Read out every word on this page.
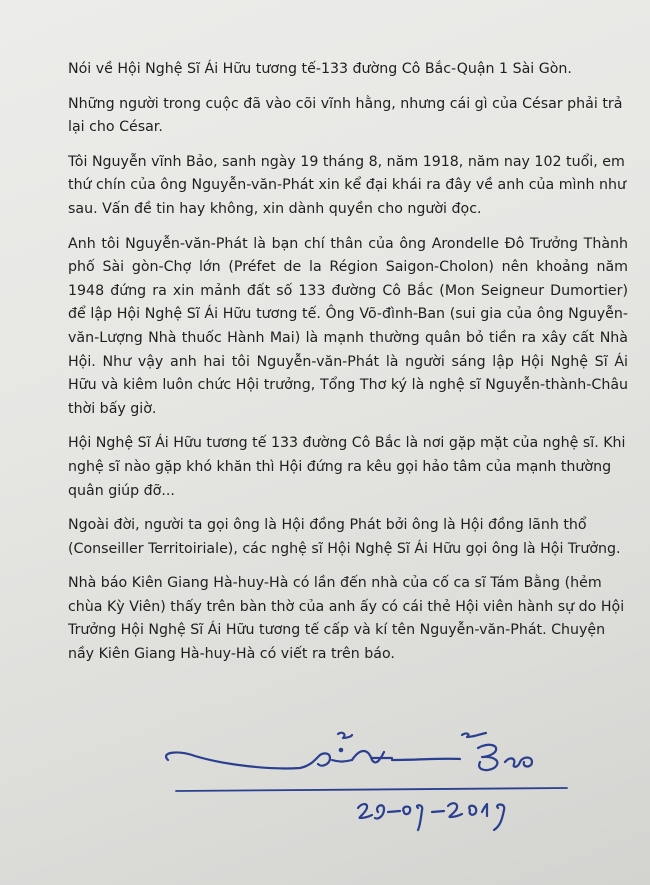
Nói về Hội Nghệ Sĩ Ái Hữu tương tế-133 đường Cô Bắc-Quận 1 Sài Gòn.

Những người trong cuộc đã vào cõi vĩnh hằng, nhưng cái gì của César phải trả lại cho César.

Tôi Nguyễn vĩnh Bảo, sanh ngày 19 tháng 8, năm 1918, năm nay 102 tuổi, em thứ chín của ông Nguyễn-văn-Phát xin kể đại khái ra đây về anh của mình như sau. Vấn đề tin hay không, xin dành quyền cho người đọc.

Anh tôi Nguyễn-văn-Phát là bạn chí thân của ông Arondelle Đô Trưởng Thành phố Sài gòn-Chợ lớn (Préfet de la Région Saigon-Cholon) nên khoảng năm 1948 đứng ra xin mảnh đất số 133 đường Cô Bắc (Mon Seigneur Dumortier) để lập Hội Nghệ Sĩ Ái Hữu tương tế. Ông Võ-đình-Ban (sui gia của ông Nguyễn-văn-Lượng Nhà thuốc Hành Mai) là mạnh thường quân bỏ tiền ra xây cất Nhà Hội. Như vậy anh hai tôi Nguyễn-văn-Phát là người sáng lập Hội Nghệ Sĩ Ái Hữu và kiêm luôn chức Hội trưởng, Tổng Thơ ký là nghệ sĩ Nguyễn-thành-Châu thời bấy giờ.

Hội Nghệ Sĩ Ái Hữu tương tế 133 đường Cô Bắc là nơi gặp mặt của nghệ sĩ. Khi nghệ sĩ nào gặp khó khăn thì Hội đứng ra kêu gọi hảo tâm của mạnh thường quân giúp đỡ...

Ngoài đời, người ta gọi ông là Hội đồng Phát bởi ông là Hội đồng lãnh thổ (Conseiller Territoiriale), các nghệ sĩ Hội Nghệ Sĩ Ái Hữu gọi ông là Hội Trưởng.

Nhà báo Kiên Giang Hà-huy-Hà có lần đến nhà của cố ca sĩ Tám Bằng (hẻm chùa Kỳ Viên) thấy trên bàn thờ của anh ấy có cái thẻ Hội viên hành sự do Hội Trưởng Hội Nghệ Sĩ Ái Hữu tương tế cấp và kí tên Nguyễn-văn-Phát. Chuyện nầy Kiên Giang Hà-huy-Hà có viết ra trên báo.
